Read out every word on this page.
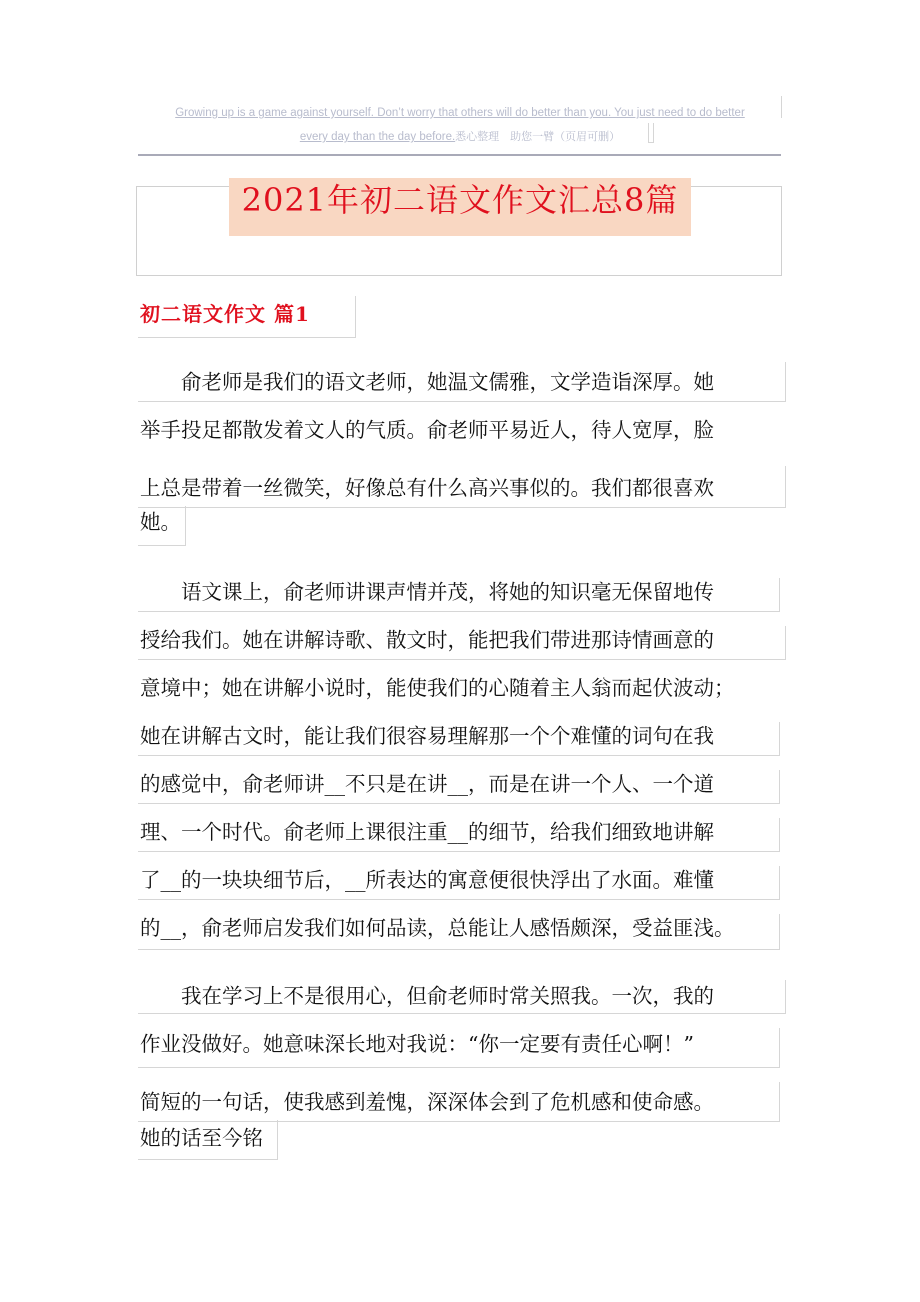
Growing up is a game against yourself. Don’t worry that others will do better than you. You just need to do better
every day than the day before.悉心整理　助您一臂（页眉可删）
2021年初二语文作文汇总8篇
初二语文作文 篇1
　　俞老师是我们的语文老师，她温文儒雅，文学造诣深厚。她
举手投足都散发着文人的气质。俞老师平易近人，待人宽厚，脸
上总是带着一丝微笑，好像总有什么高兴事似的。我们都很喜欢
她。
　　语文课上，俞老师讲课声情并茂，将她的知识毫无保留地传
授给我们。她在讲解诗歌、散文时，能把我们带进那诗情画意的
意境中；她在讲解小说时，能使我们的心随着主人翁而起伏波动；
她在讲解古文时，能让我们很容易理解那一个个难懂的词句在我
的感觉中，俞老师讲__不只是在讲__，而是在讲一个人、一个道
理、一个时代。俞老师上课很注重__的细节，给我们细致地讲解
了__的一块块细节后，__所表达的寓意便很快浮出了水面。难懂
的__，俞老师启发我们如何品读，总能让人感悟颇深，受益匪浅。
　　我在学习上不是很用心，但俞老师时常关照我。一次，我的
作业没做好。她意味深长地对我说：“你一定要有责任心啊！”
简短的一句话，使我感到羞愧，深深体会到了危机感和使命感。
她的话至今铭
